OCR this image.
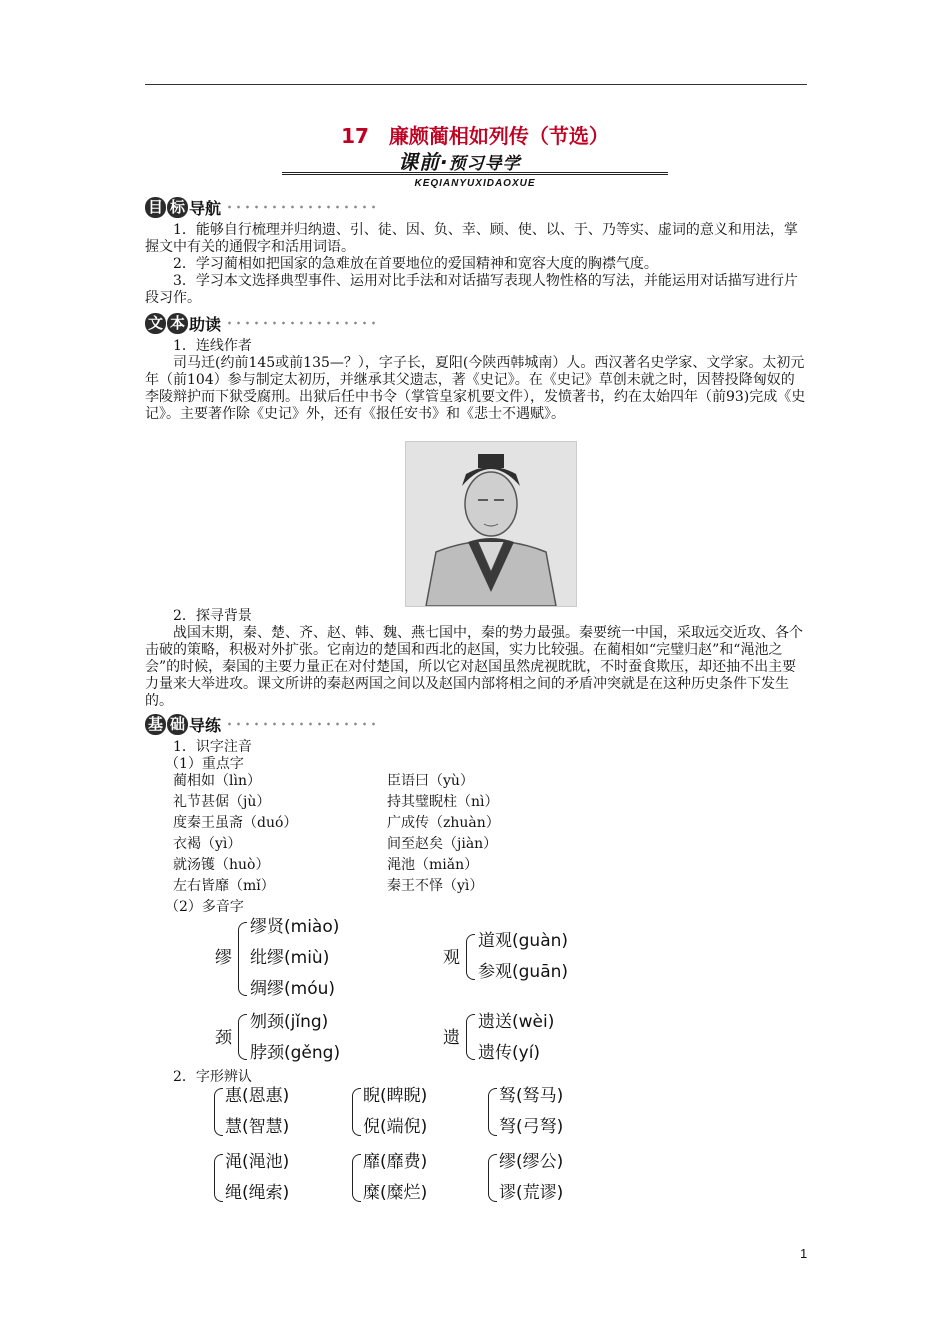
17　廉颇蔺相如列传（节选）
课前·预习导学
KEQIANYUXIDAOXUE
目 标 导航
1．能够自行梳理并归纳遗、引、徒、因、负、幸、顾、使、以、于、乃等实、虚词的意义和用法，掌握文中有关的通假字和活用词语。
2．学习蔺相如把国家的急难放在首要地位的爱国精神和宽容大度的胸襟气度。
3．学习本文选择典型事件、运用对比手法和对话描写表现人物性格的写法，并能运用对话描写进行片段习作。
文 本 助读
1．连线作者
司马迁(约前145或前135—？），字子长，夏阳(今陕西韩城南）人。西汉著名史学家、文学家。太初元年（前104）参与制定太初历，并继承其父遗志，著《史记》。在《史记》草创未就之时，因替投降匈奴的李陵辩护而下狱受腐刑。出狱后任中书令（掌管皇家机要文件），发愤著书，约在太始四年（前93)完成《史记》。主要著作除《史记》外，还有《报任安书》和《悲士不遇赋》。
2．探寻背景
战国末期，秦、楚、齐、赵、韩、魏、燕七国中，秦的势力最强。秦要统一中国，采取远交近攻、各个击破的策略，积极对外扩张。它南边的楚国和西北的赵国，实力比较强。在蔺相如“完璧归赵”和“渑池之会”的时候，秦国的主要力量正在对付楚国，所以它对赵国虽然虎视眈眈，不时蚕食欺压，却还抽不出主要力量来大举进攻。课文所讲的秦赵两国之间以及赵国内部将相之间的矛盾冲突就是在这种历史条件下发生的。
基 础 导练
1．识字注音
（1）重点字
蔺相如（lìn）
礼节甚倨（jù）
度秦王虽斋（duó）
衣褐（yì）
就汤镬（huò）
左右皆靡（mǐ）
臣语曰（yù）
持其璧睨柱（nì）
广成传（zhuàn）
间至赵矣（jiàn）
渑池（miǎn）
秦王不怿（yì）
（2）多音字
缪
缪贤(miào)
纰缪(miù)
绸缪(móu)
观
道观(guàn)
参观(guān)
颈
刎颈(jǐng)
脖颈(gěng)
遗
遗送(wèi)
遗传(yí)
2．字形辨认
惠(恩惠)
慧(智慧)
睨(睥睨)
倪(端倪)
驽(驽马)
弩(弓弩)
渑(渑池)
绳(绳索)
靡(靡费)
糜(糜烂)
缪(缪公)
谬(荒谬)
1
